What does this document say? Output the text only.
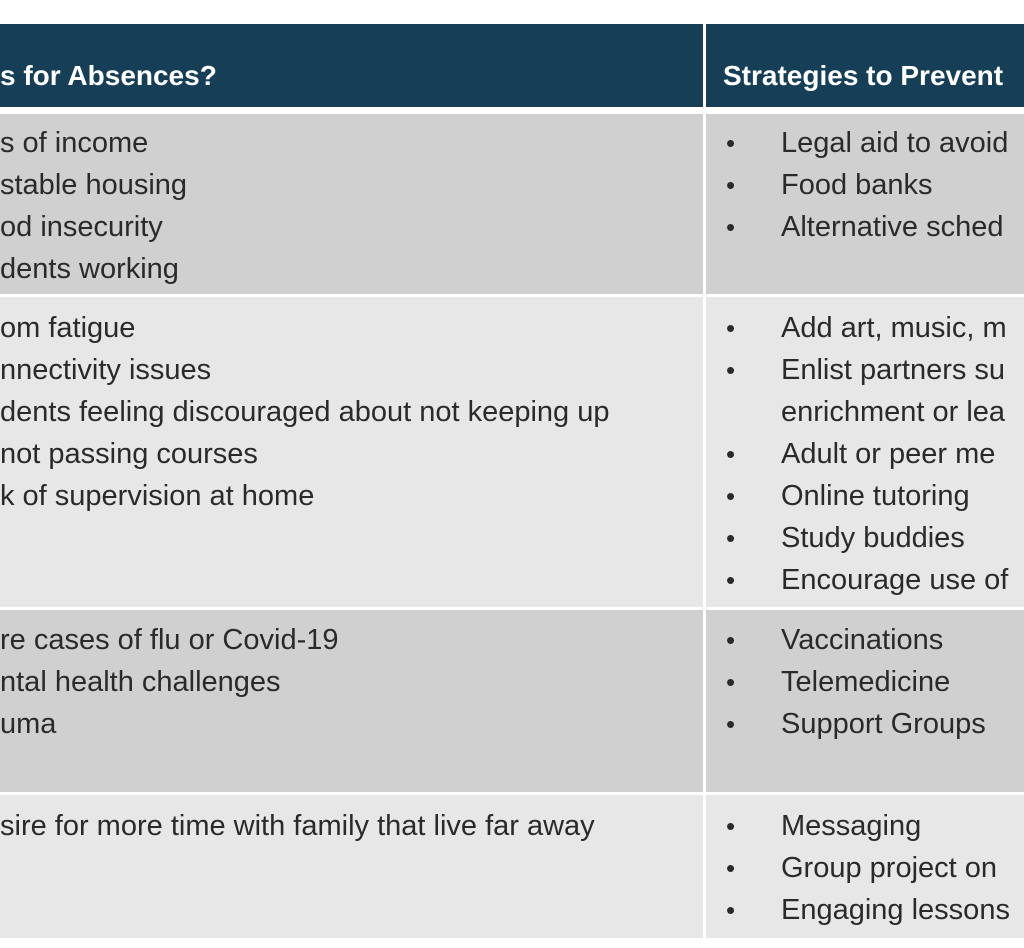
s for Absences?	Strategies to Prevent
s of income
stable housing
od insecurity
dents working
• Legal aid to avoid
• Food banks
• Alternative sched
om fatigue
nnectivity issues
dents feeling discouraged about not keeping up
not passing courses
k of supervision at home
• Add art, music, m
• Enlist partners su
enrichment or lea
• Adult or peer me
• Online tutoring
• Study buddies
• Encourage use of
re cases of flu or Covid-19
ntal health challenges
uma
• Vaccinations
• Telemedicine
• Support Groups
sire for more time with family that live far away	• Messaging
• Group project on
• Engaging lessons
